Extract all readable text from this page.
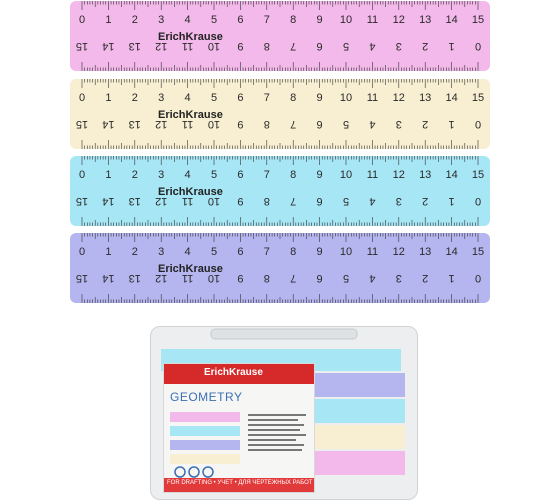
0
0
1
1
2
2
3
3
4
4
5
5
6
6
7
7
8
8
9
9
10
10
11
11
12
12
13
13
14
14
15
15
ErichKrause
0
0
1
1
2
2
3
3
4
4
5
5
6
6
7
7
8
8
9
9
10
10
11
11
12
12
13
13
14
14
15
15
ErichKrause
0
0
1
1
2
2
3
3
4
4
5
5
6
6
7
7
8
8
9
9
10
10
11
11
12
12
13
13
14
14
15
15
ErichKrause
0
0
1
1
2
2
3
3
4
4
5
5
6
6
7
7
8
8
9
9
10
10
11
11
12
12
13
13
14
14
15
15
ErichKrause
ErichKrause
GEOMETRY
FOR DRAFTING • УЧЕТ • ДЛЯ ЧЕРТЕЖНЫХ РАБОТ
